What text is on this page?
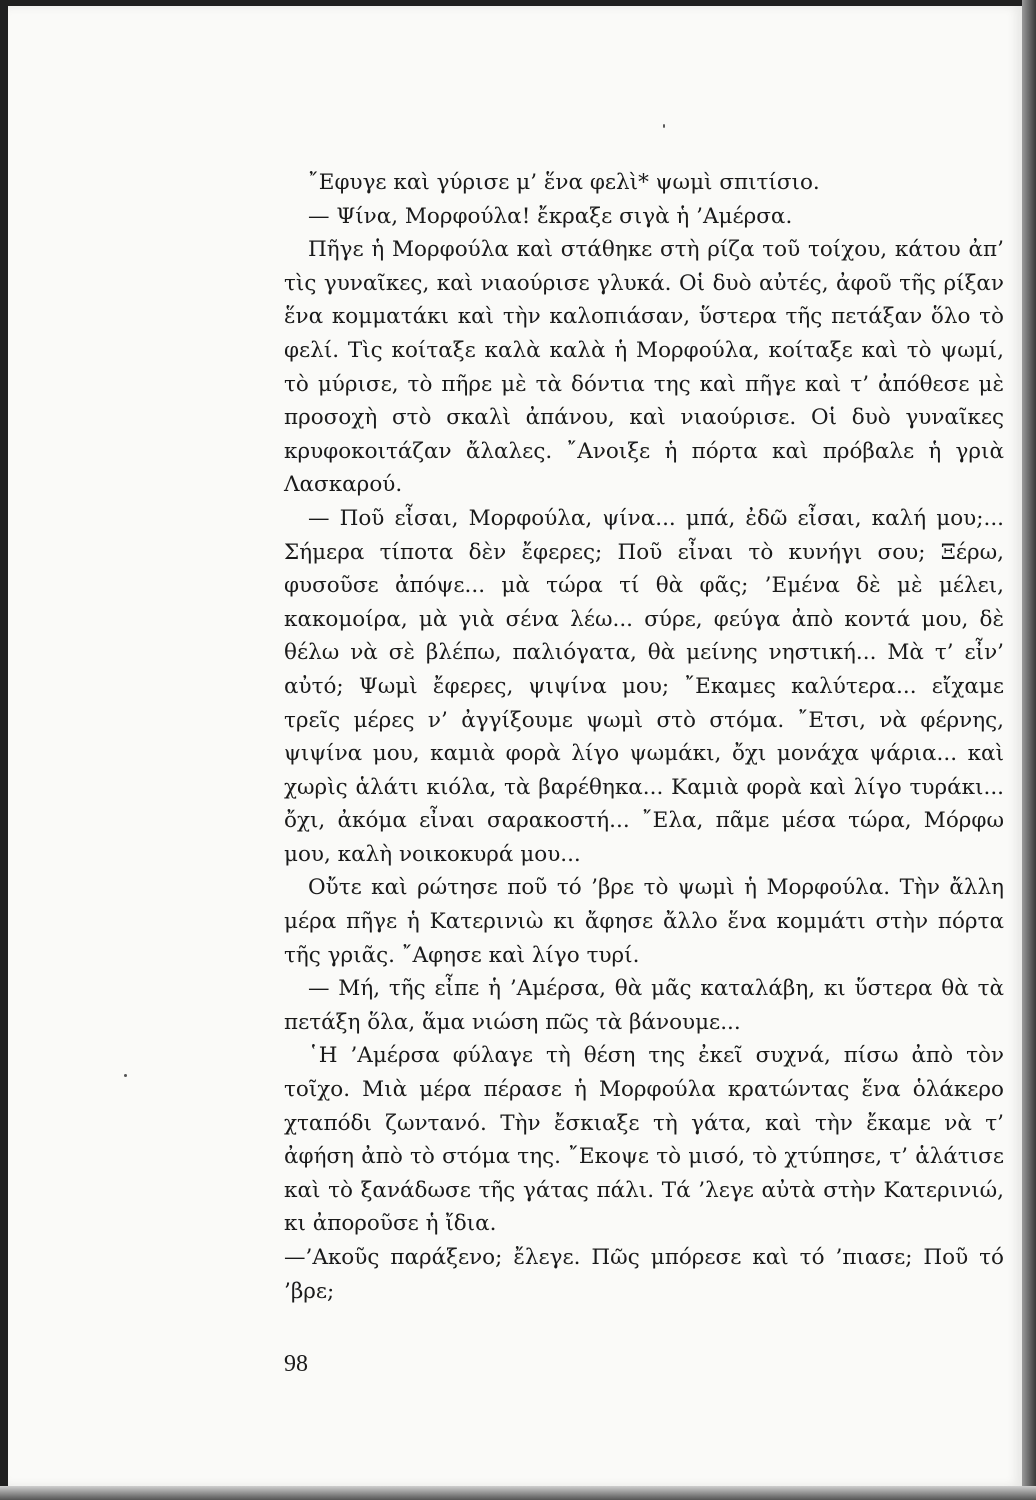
῎Εφυγε καὶ γύρισε μ’ ἕνα φελὶ* ψωμὶ σπιτίσιο.

— Ψίνα, Μορφούλα! ἔκραξε σιγὰ ἡ ’Αμέρσα.

Πῆγε ἡ Μορφούλα καὶ στάθηκε στὴ ρίζα τοῦ τοίχου, κάτου ἀπ’ τὶς γυναῖκες, καὶ νιαούρισε γλυκά. Οἱ δυὸ αὐτές, ἀφοῦ τῆς ρίξαν ἕνα κομματάκι καὶ τὴν καλοπιάσαν, ὕστερα τῆς πετάξαν ὅλο τὸ φελί. Τὶς κοίταξε καλὰ καλὰ ἡ Μορφούλα, κοίταξε καὶ τὸ ψωμί, τὸ μύρισε, τὸ πῆρε μὲ τὰ δόντια της καὶ πῆγε καὶ τ’ ἀπόθεσε μὲ προσοχὴ στὸ σκαλὶ ἀπάνου, καὶ νιαούρισε. Οἱ δυὸ γυναῖκες κρυφοκοιτάζαν ἄλαλες. ῎Ανοιξε ἡ πόρτα καὶ πρόβαλε ἡ γριὰ Λασκαρού.

— Ποῦ εἶσαι, Μορφούλα, ψίνα... μπά, ἐδῶ εἶσαι, καλή μου;... Σήμερα τίποτα δὲν ἔφερες; Ποῦ εἶναι τὸ κυνήγι σου; Ξέρω, φυσοῦσε ἀπόψε... μὰ τώρα τί θὰ φᾶς; ’Εμένα δὲ μὲ μέλει, κακομοίρα, μὰ γιὰ σένα λέω... σύρε, φεύγα ἀπὸ κοντά μου, δὲ θέλω νὰ σὲ βλέπω, παλιόγατα, θὰ μείνης νηστική... Μὰ τ’ εἶν’ αὐτό; Ψωμὶ ἔφερες, ψιψίνα μου; ῎Εκαμες καλύτερα... εἴχαμε τρεῖς μέρες ν’ ἀγγίξουμε ψωμὶ στὸ στόμα. ῎Ετσι, νὰ φέρνης, ψιψίνα μου, καμιὰ φορὰ λίγο ψωμάκι, ὄχι μονάχα ψάρια... καὶ χωρὶς ἁλάτι κιόλα, τὰ βαρέθηκα... Καμιὰ φορὰ καὶ λίγο τυράκι... ὄχι, ἀκόμα εἶναι σαρακοστή... ῎Ελα, πᾶμε μέσα τώρα, Μόρφω μου, καλὴ νοικοκυρά μου...

Οὔτε καὶ ρώτησε ποῦ τό ’βρε τὸ ψωμὶ ἡ Μορφούλα. Τὴν ἄλλη μέρα πῆγε ἡ Κατερινιὼ κι ἄφησε ἄλλο ἕνα κομμάτι στὴν πόρτα τῆς γριᾶς. ῎Αφησε καὶ λίγο τυρί.

— Μή, τῆς εἶπε ἡ ’Αμέρσα, θὰ μᾶς καταλάβη, κι ὕστερα θὰ τὰ πετάξη ὅλα, ἅμα νιώση πῶς τὰ βάνουμε...

῾Η ’Αμέρσα φύλαγε τὴ θέση της ἐκεῖ συχνά, πίσω ἀπὸ τὸν τοῖχο. Μιὰ μέρα πέρασε ἡ Μορφούλα κρατώντας ἕνα ὁλάκερο χταπόδι ζωντανό. Τὴν ἔσκιαξε τὴ γάτα, καὶ τὴν ἔκαμε νὰ τ’ ἀφήση ἀπὸ τὸ στόμα της. ῎Εκοψε τὸ μισό, τὸ χτύπησε, τ’ ἁλάτισε καὶ τὸ ξανάδωσε τῆς γάτας πάλι. Τά ’λεγε αὐτὰ στὴν Κατερινιώ, κι ἀποροῦσε ἡ ἴδια.

—’Ακοῦς παράξενο; ἔλεγε. Πῶς μπόρεσε καὶ τό ’πιασε; Ποῦ τό ’βρε;

98
